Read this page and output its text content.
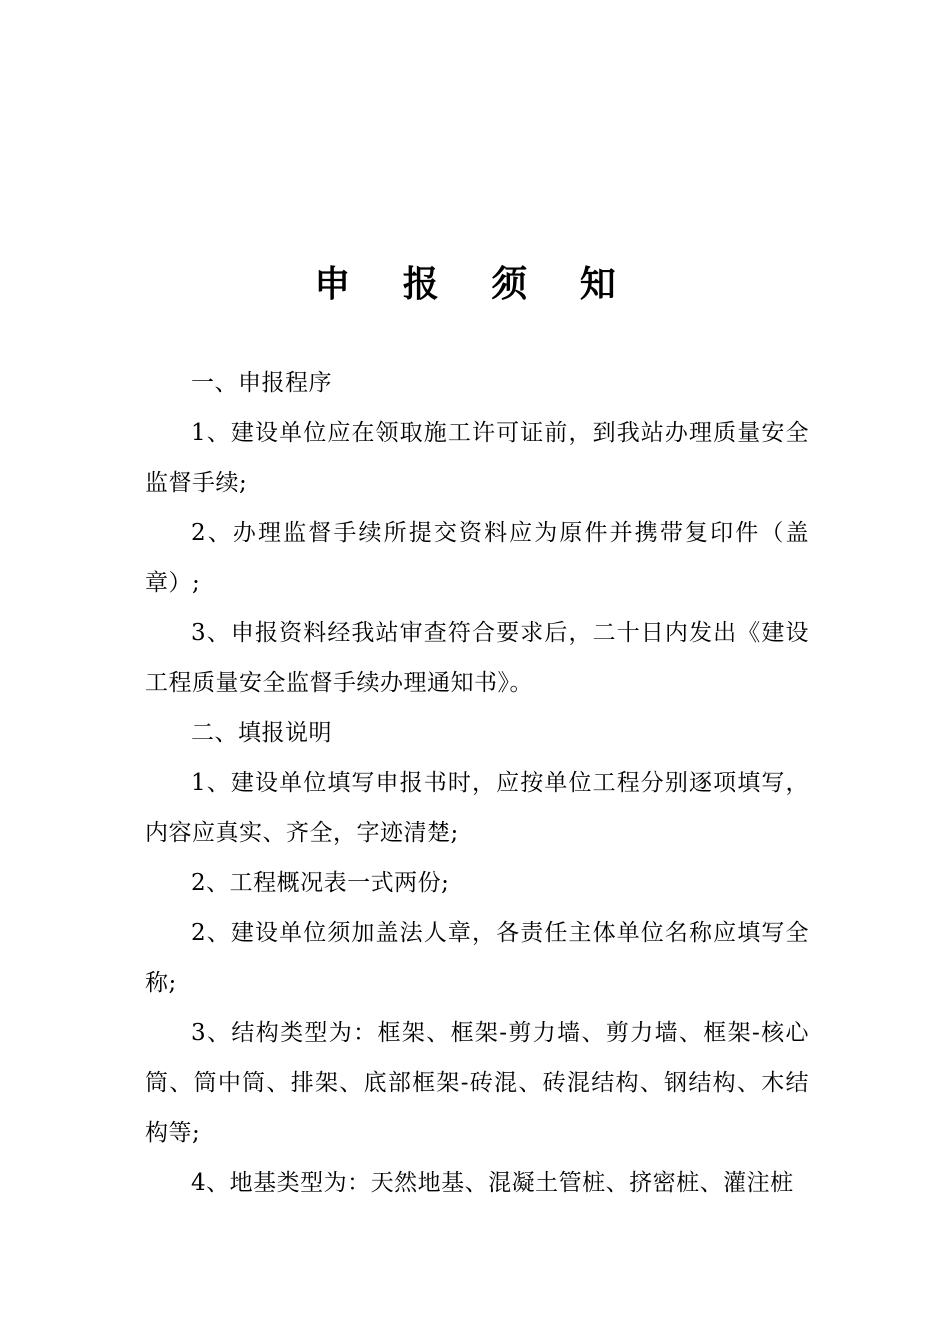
申 报 须 知

一、申报程序

1、建设单位应在领取施工许可证前，到我站办理质量安全监督手续;

2、办理监督手续所提交资料应为原件并携带复印件（盖章）;

3、申报资料经我站审查符合要求后，二十日内发出《建设工程质量安全监督手续办理通知书》。

二、填报说明

1、建设单位填写申报书时，应按单位工程分别逐项填写，内容应真实、齐全，字迹清楚;

2、工程概况表一式两份;

2、建设单位须加盖法人章，各责任主体单位名称应填写全称;

3、结构类型为：框架、框架-剪力墙、剪力墙、框架-核心筒、筒中筒、排架、底部框架-砖混、砖混结构、钢结构、木结构等;

4、地基类型为：天然地基、混凝土管桩、挤密桩、灌注桩
